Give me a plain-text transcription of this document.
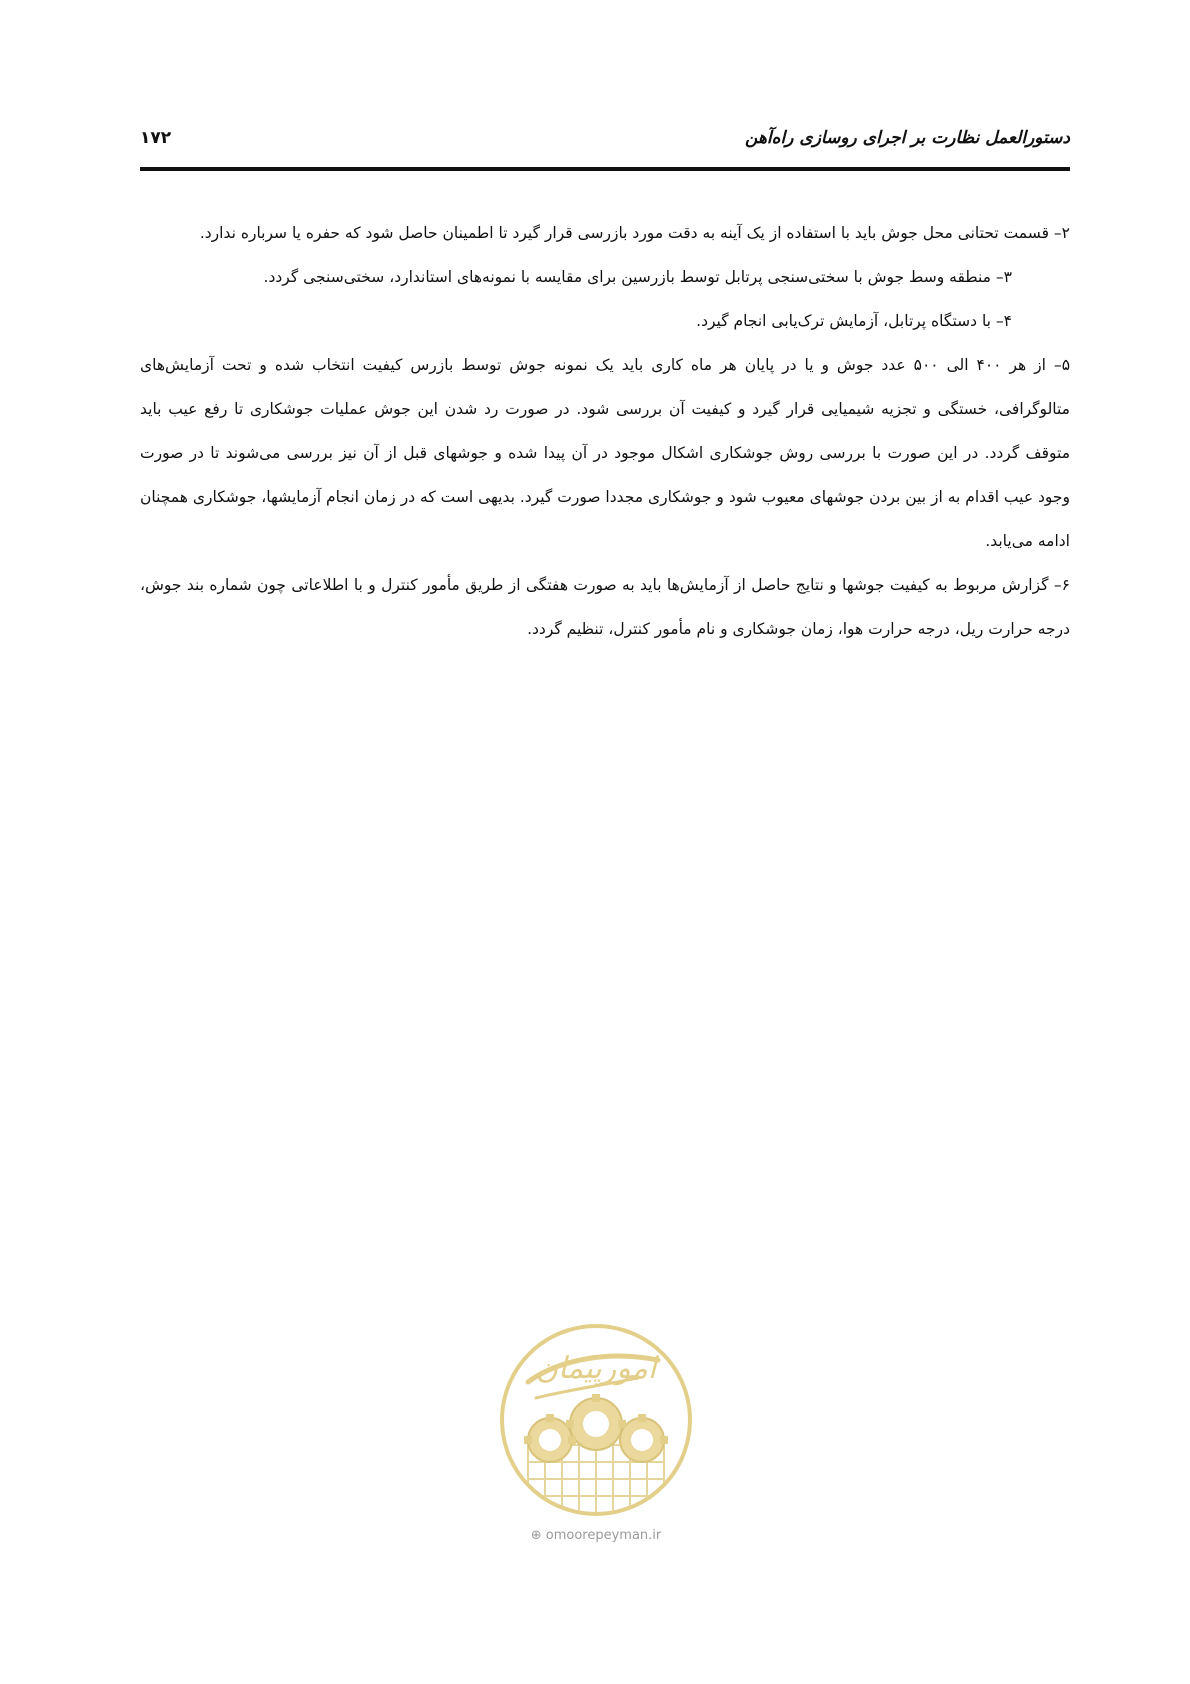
۱۷۲	دستورالعمل نظارت بر اجرای روسازی راه‌آهن

۲– قسمت تحتانی محل جوش باید با استفاده از یک آینه به دقت مورد بازرسی قرار گیرد تا اطمینان حاصل شود که حفره یا سرباره ندارد.

۳– منطقه وسط جوش با سختی‌سنجی پرتابل توسط بازرسین برای مقایسه با نمونه‌های استاندارد، سختی‌سنجی گردد.

۴– با دستگاه پرتابل، آزمایش ترک‌یابی انجام گیرد.

۵– از هر ۴۰۰ الی ۵۰۰ عدد جوش و یا در پایان هر ماه کاری باید یک نمونه جوش توسط بازرس کیفیت انتخاب شده و تحت آزمایش‌های متالوگرافی، خستگی و تجزیه شیمیایی قرار گیرد و کیفیت آن بررسی شود. در صورت رد شدن این جوش عملیات جوشکاری تا رفع عیب باید متوقف گردد. در این صورت با بررسی روش جوشکاری اشکال موجود در آن پیدا شده و جوشهای قبل از آن نیز بررسی می‌شوند تا در صورت وجود عیب اقدام به از بین بردن جوشهای معیوب شود و جوشکاری مجددا صورت گیرد. بدیهی است که در زمان انجام آزمایشها، جوشکاری همچنان ادامه می‌یابد.

۶– گزارش مربوط به کیفیت جوشها و نتایج حاصل از آزمایش‌ها باید به صورت هفتگی از طریق مأمور کنترل و با اطلاعاتی چون شماره بند جوش، درجه حرارت ریل، درجه حرارت هوا، زمان جوشکاری و نام مأمور کنترل، تنظیم گردد.

امورپیمان
⊕ omoorepeyman.ir
